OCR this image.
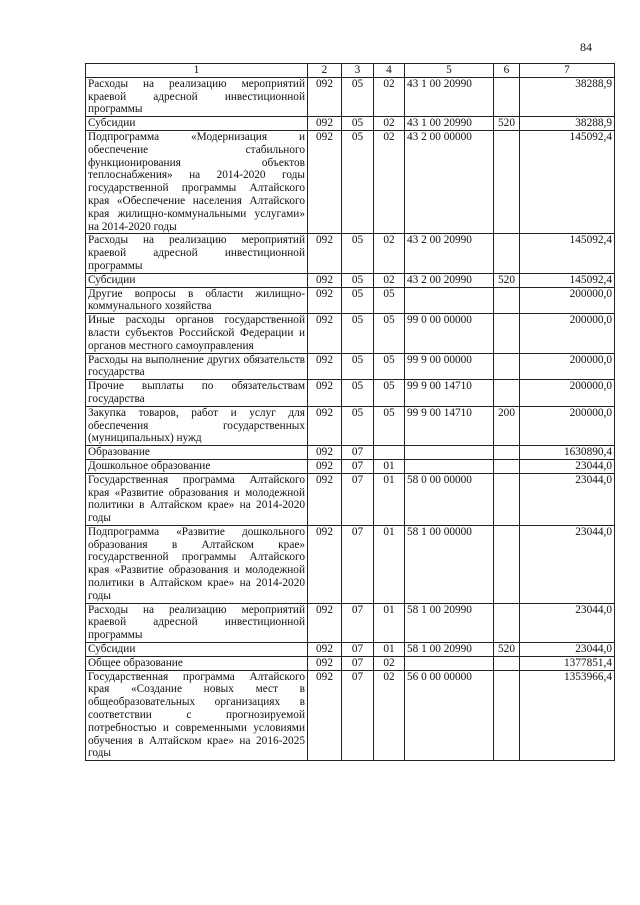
84
1	2	3	4	5	6	7
Расходы на реализацию мероприятий краевой адресной инвестиционной программы	092	05	02	43 1 00 20990		38288,9
Субсидии	092	05	02	43 1 00 20990	520	38288,9
Подпрограмма «Модернизация и обеспечение стабильного функционирования объектов теплоснабжения» на 2014-2020 годы государственной программы Алтайского края «Обеспечение населения Алтайского края жилищно-коммунальными услугами» на 2014-2020 годы	092	05	02	43 2 00 00000		145092,4
Расходы на реализацию мероприятий краевой адресной инвестиционной программы	092	05	02	43 2 00 20990		145092,4
Субсидии	092	05	02	43 2 00 20990	520	145092,4
Другие вопросы в области жилищно-коммунального хозяйства	092	05	05			200000,0
Иные расходы органов государственной власти субъектов Российской Федерации и органов местного самоуправления	092	05	05	99 0 00 00000		200000,0
Расходы на выполнение других обязательств государства	092	05	05	99 9 00 00000		200000,0
Прочие выплаты по обязательствам государства	092	05	05	99 9 00 14710		200000,0
Закупка товаров, работ и услуг для обеспечения государственных (муниципальных) нужд	092	05	05	99 9 00 14710	200	200000,0
Образование	092	07				1630890,4
Дошкольное образование	092	07	01			23044,0
Государственная программа Алтайского края «Развитие образования и молодежной политики в Алтайском крае» на 2014-2020 годы	092	07	01	58 0 00 00000		23044,0
Подпрограмма «Развитие дошкольного образования в Алтайском крае» государственной программы Алтайского края «Развитие образования и молодежной политики в Алтайском крае» на 2014-2020 годы	092	07	01	58 1 00 00000		23044,0
Расходы на реализацию мероприятий краевой адресной инвестиционной программы	092	07	01	58 1 00 20990		23044,0
Субсидии	092	07	01	58 1 00 20990	520	23044,0
Общее образование	092	07	02			1377851,4
Государственная программа Алтайского края «Создание новых мест в общеобразовательных организациях в соответствии с прогнозируемой потребностью и современными условиями обучения в Алтайском крае» на 2016-2025 годы	092	07	02	56 0 00 00000		1353966,4
